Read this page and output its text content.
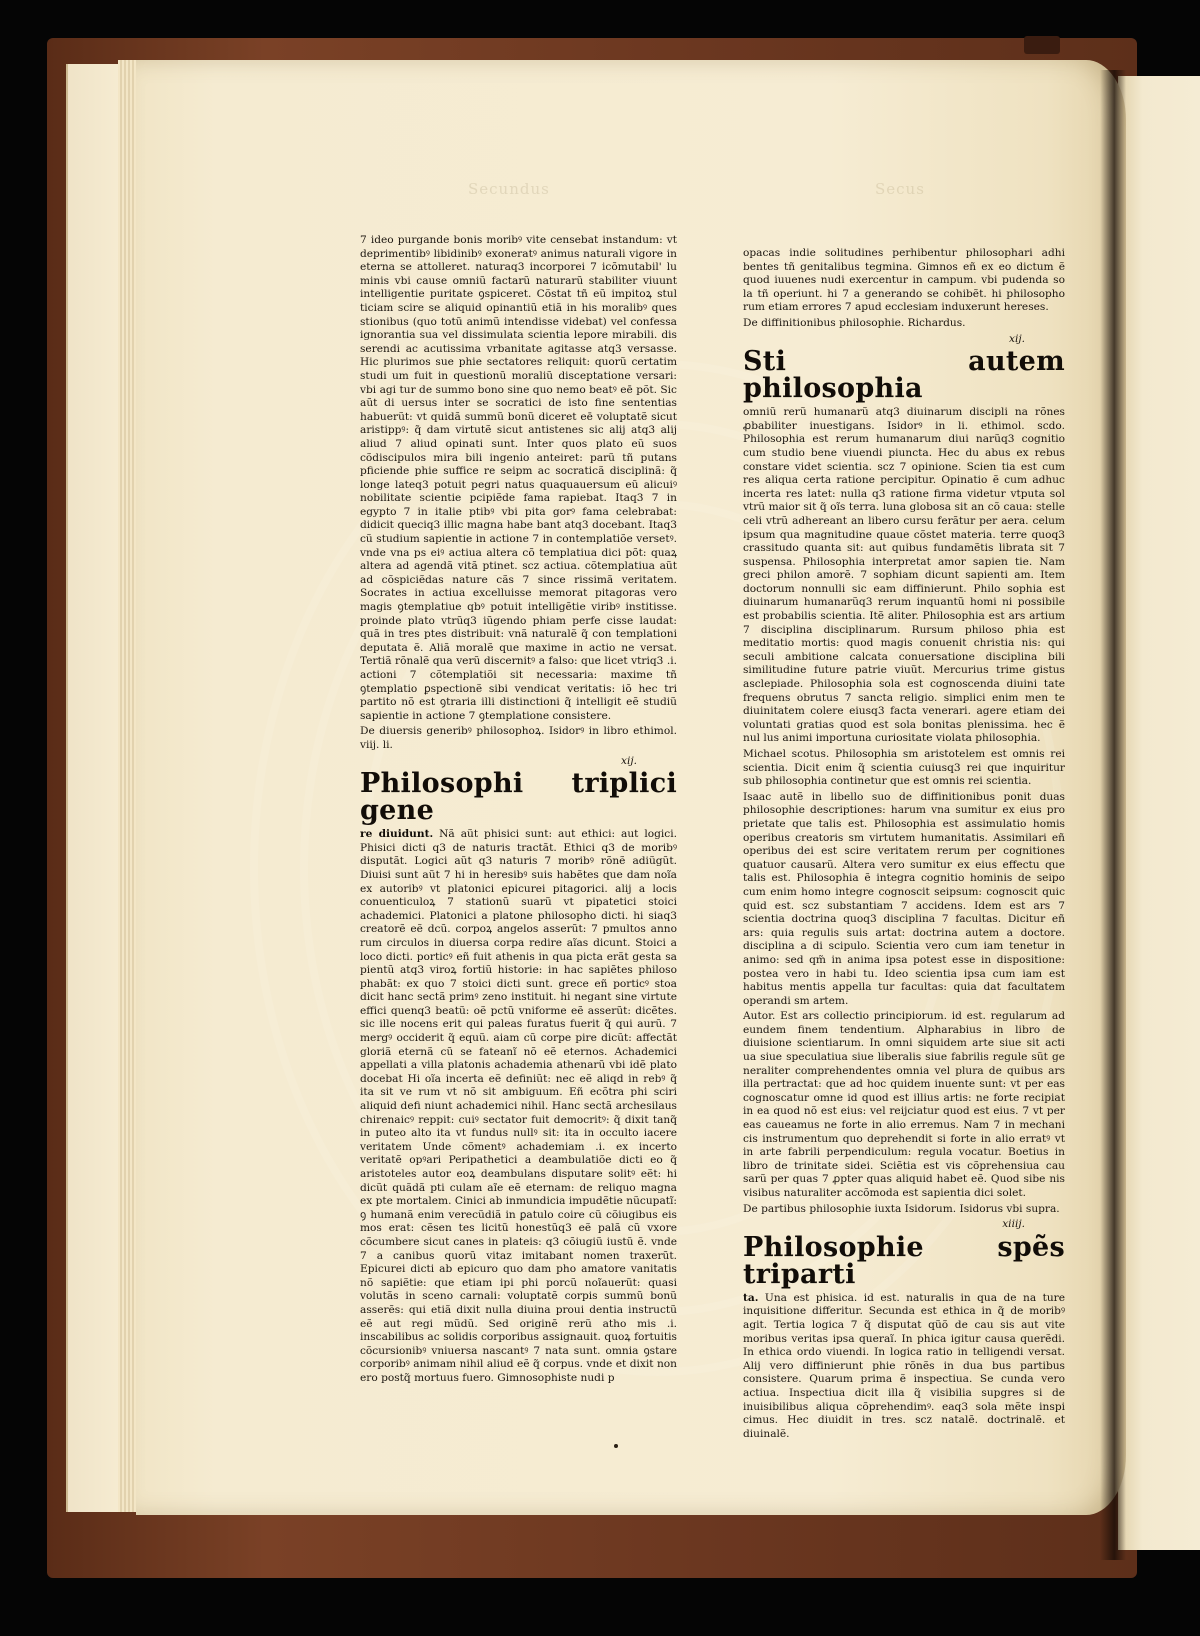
Secundus	Secus

7 ideo purgande bonis moribꝰ vite censebat instandum: vt deprimentibꝰ libidinibꝰ exoneratꝰ animus naturali vigore in eterna se attolleret. naturaq3 incorporei 7 icõmutabil' lu minis vbi cause omniũ factarũ naturarũ stabiliter viuunt intelligentie puritate ꝯspiceret. Cõstat tñ eũ impitoꝝ stul ticiam scire se aliquid opinantiũ etiã in his moralibꝰ ques stionibus (quo totũ animũ intendisse videbat) vel confessa ignorantia sua vel dissimulata scientia lepore mirabili. dis serendi ac acutissima vrbanitate agitasse atq3 versasse. Hic plurimos sue phie sectatores reliquit: quorũ certatim studi um fuit in questionũ moraliũ disceptatione versari: vbi agi tur de summo bono sine quo nemo beatꝰ eē põt. Sic aũt di uersus inter se socratici de isto fine sententias habuerũt: vt quidã summũ bonũ diceret eē voluptatẽ sicut aristippꝰ: q̃ dam virtutẽ sicut antistenes sic alij atq3 alij aliud 7 aliud opinati sunt. Inter quos plato eũ suos cõdiscipulos mira bili ingenio anteiret: parũ tñ putans pficiende phie suffice re seipm ac socraticã disciplinã: q̃ longe lateq3 potuit pegri natus quaquauersum eũ alicuiꝰ nobilitate scientie pcipiẽde fama rapiebat. Itaq3 7 in egypto 7 in italie ptibꝰ vbi pita gorꝰ fama celebrabat: didicit queciq3 illic magna habe bant atq3 docebant. Itaq3 cũ studium sapientie in actione 7 in contemplatiõe versetꝰ. vnde vna ps eiꝰ actiua altera cõ templatiua dici põt: quaꝝ altera ad agendã vitã ptinet. scz actiua. cõtemplatiua aũt ad cõspiciẽdas nature cãs 7 since rissimã veritatem. Socrates in actiua excelluisse memorat pitagoras vero magis ꝯtemplatiue qbꝰ potuit intelligẽtie viribꝰ institisse. proinde plato vtrũq3 iũgendo phiam perfe cisse laudat: quã in tres ptes distribuit: vnã naturalẽ q̃ con templationi deputata ẽ. Aliã moralẽ que maxime in actio ne versat. Tertiã rõnalẽ qua verũ discernitꝰ a falso: que licet vtriq3 .i. actioni 7 cõtemplatiõi sit necessaria: maxime tñ ꝯtemplatio ꝑspectionẽ sibi vendicat veritatis: iõ hec tri partito nõ est ꝯtraria illi distinctioni q̃ intelligit eẽ studiũ sapientie in actione 7 ꝯtemplatione consistere.

De diuersis generibꝰ philosophoꝝ. Isidorꝰ in libro ethimol. viij. li.

xij.

Philosophi triplici gene

re diuidunt. Nã aũt phisici sunt: aut ethici: aut logici. Phisici dicti q3 de naturis tractãt. Ethici q3 de moribꝰ disputãt. Logici aũt q3 naturis 7 moribꝰ rõnẽ adiũgũt. Diuisi sunt aũt 7 hi in heresibꝰ suis habẽtes que dam noĩa ex autoribꝰ vt platonici epicurei pitagorici. alij a locis conuenticuloꝝ 7 stationũ suarũ vt pipatetici stoici achademici. Platonici a platone philosopho dicti. hi siaq3 creatorẽ eẽ dcũ. corpoꝝ angelos asserũt: 7 pmultos anno rum circulos in diuersa corpa redire aĩas dicunt. Stoici a loco dicti. porticꝰ eñ fuit athenis in qua picta erãt gesta sa pientũ atq3 viroꝝ fortiũ historie: in hac sapiẽtes philoso phabãt: ex quo 7 stoici dicti sunt. grece eñ porticꝰ stoa dicit hanc sectã primꝰ zeno instituit. hi negant sine virtute effici quenq3 beatũ: oẽ pctũ vniforme eẽ asserũt: dicẽtes. sic ille nocens erit qui paleas furatus fuerit q̃ qui aurũ. 7 mergꝰ occiderit q̃ equũ. aiam cũ corpe pire dicũt: affectãt gloriã eternã cũ se fateanĩ nõ eẽ eternos. Achademici appellati a villa platonis achademia athenarũ vbi idẽ plato docebat Hi oĩa incerta eẽ definiũt: nec eẽ aliqd in rebꝰ q̃ ita sit ve rum vt nõ sit ambiguum. Eñ ecõtra phi sciri aliquid defi niunt achademici nihil. Hanc sectã archesilaus chirenaicꝰ reppit: cuiꝰ sectator fuit democritꝰ: q̃ dixit tanq̃ in puteo alto ita vt fundus nullꝰ sit: ita in occulto iacere veritatem Unde cõmentꝰ achademiam .i. ex incerto veritatẽ opꝰari Peripathetici a deambulatiõe dicti eo q̃ aristoteles autor eoꝝ deambulans disputare solitꝰ eẽt: hi dicũt quãdã pti culam aĩe eẽ eternam: de reliquo magna ex pte mortalem. Cinici ab inmundicia impudẽtie nũcupatĩ: ꝯ humanã enim verecũdiã in ꝑatulo coire cũ cõiugibus eis mos erat: cẽsen tes licitũ honestũq3 eẽ palã cũ vxore cõcumbere sicut canes in plateis: q3 cõiugiũ iustũ ẽ. vnde 7 a canibus quorũ vitaz imitabant nomen traxerũt. Epicurei dicti ab epicuro quo dam pho amatore vanitatis nõ sapiẽtie: que etiam ipi phi porcũ noĩauerũt: quasi volutãs in sceno carnali: voluptatẽ corpis summũ bonũ asserẽs: qui etiã dixit nulla diuina proui dentia instructũ eẽ aut regi mũdũ. Sed originẽ rerũ atho mis .i. inscabilibus ac solidis corporibus assignauit. quoꝝ fortuitis cõcursionibꝰ vniuersa nascantꝰ 7 nata sunt. omnia ꝯstare corporibꝰ animam nihil aliud eẽ q̃ corpus. vnde et dixit non ero postq̃ mortuus fuero. Gimnosophiste nudi p

opacas indie solitudines perhibentur philosophari adhi bentes tñ genitalibus tegmina. Gimnos eñ ex eo dictum ẽ quod iuuenes nudi exercentur in campum. vbi pudenda so la tñ operiunt. hi 7 a generando se cohibẽt. hi philosopho rum etiam errores 7 apud ecclesiam induxerunt hereses.

De diffinitionibus philosophie. Richardus.

xij.

Sti autem philosophia

omniũ rerũ humanarũ atq3 diuinarum discipli na rõnes ꝓbabiliter inuestigans. Isidorꝰ in li. ethimol. scdo. Philosophia est rerum humanarum diui narũq3 cognitio cum studio bene viuendi piuncta. Hec du abus ex rebus constare videt scientia. scz 7 opinione. Scien tia est cum res aliqua certa ratione percipitur. Opinatio ẽ cum adhuc incerta res latet: nulla q3 ratione firma videtur vtputa sol vtrũ maior sit q̃ oĩs terra. luna globosa sit an cõ caua: stelle celi vtrũ adhereant an libero cursu ferãtur per aera. celum ipsum qua magnitudine quaue cõstet materia. terre quoq3 crassitudo quanta sit: aut quibus fundamẽtis librata sit 7 suspensa. Philosophia interpretat amor sapien tie. Nam greci philon amorẽ. 7 sophiam dicunt sapienti am. Item doctorum nonnulli sic eam diffinierunt. Philo sophia est diuinarum humanarũq3 rerum inquantũ homi ni possibile est probabilis scientia. Itẽ aliter. Philosophia est ars artium 7 disciplina disciplinarum. Rursum philoso phia est meditatio mortis: quod magis conuenit christia nis: qui seculi ambitione calcata conuersatione disciplina bili similitudine future patrie viuũt. Mercurius trime gistus asclepiade. Philosophia sola est cognoscenda diuini tate frequens obrutus 7 sancta religio. simplici enim men te diuinitatem colere eiusq3 facta venerari. agere etiam dei voluntati gratias quod est sola bonitas plenissima. hec ẽ nul lus animi importuna curiositate violata philosophia.

Michael scotus. Philosophia sm aristotelem est omnis rei scientia. Dicit enim q̃ scientia cuiusq3 rei que inquiritur sub philosophia continetur que est omnis rei scientia.

Isaac autẽ in libello suo de diffinitionibus ponit duas philosophie descriptiones: harum vna sumitur ex eius pro prietate que talis est. Philosophia est assimulatio homis operibus creatoris sm virtutem humanitatis. Assimilari eñ operibus dei est scire veritatem rerum per cognitiones quatuor causarũ. Altera vero sumitur ex eius effectu que talis est. Philosophia ẽ integra cognitio hominis de seipo cum enim homo integre cognoscit seipsum: cognoscit quic quid est. scz substantiam 7 accidens. Idem est ars 7 scientia doctrina quoq3 disciplina 7 facultas. Dicitur eñ ars: quia regulis suis artat: doctrina autem a doctore. disciplina a di scipulo. Scientia vero cum iam tenetur in animo: sed qm̃ in anima ipsa potest esse in dispositione: postea vero in habi tu. Ideo scientia ipsa cum iam est habitus mentis appella tur facultas: quia dat facultatem operandi sm artem.

Autor. Est ars collectio principiorum. id est. regularum ad eundem finem tendentium. Alpharabius in libro de diuisione scientiarum. In omni siquidem arte siue sit acti ua siue speculatiua siue liberalis siue fabrilis regule sũt ge neraliter comprehendentes omnia vel plura de quibus ars illa pertractat: que ad hoc quidem inuente sunt: vt per eas cognoscatur omne id quod est illius artis: ne forte recipiat in ea quod nõ est eius: vel reijciatur quod est eius. 7 vt per eas caueamus ne forte in alio erremus. Nam 7 in mechani cis instrumentum quo deprehendit si forte in alio erratꝰ vt in arte fabrili perpendiculum: regula vocatur. Boetius in libro de trinitate sidei. Sciẽtia est vis cõprehensiua cau sarũ per quas 7 ꝓpter quas aliquid habet eẽ. Quod sibe nis visibus naturaliter accõmoda est sapientia dici solet.

De partibus philosophie iuxta Isidorum. Isidorus vbi supra.

xiiij.

Philosophie spẽs triparti

ta. Una est phisica. id est. naturalis in qua de na ture inquisitione differitur. Secunda est ethica in q̃ de moribꝰ agit. Tertia logica 7 q̃ disputat qũõ de cau sis aut vite moribus veritas ipsa queraĩ. In phica igitur causa querẽdi. In ethica ordo viuendi. In logica ratio in telligendi versat. Alij vero diffinierunt phie rõnẽs in dua bus partibus consistere. Quarum prima ẽ inspectiua. Se cunda vero actiua. Inspectiua dicit illa q̃ visibilia supgres si de inuisibilibus aliqua cõprehendimꝰ. eaq3 sola mẽte inspi cimus. Hec diuidit in tres. scz natalẽ. doctrinalẽ. et diuinalẽ.
